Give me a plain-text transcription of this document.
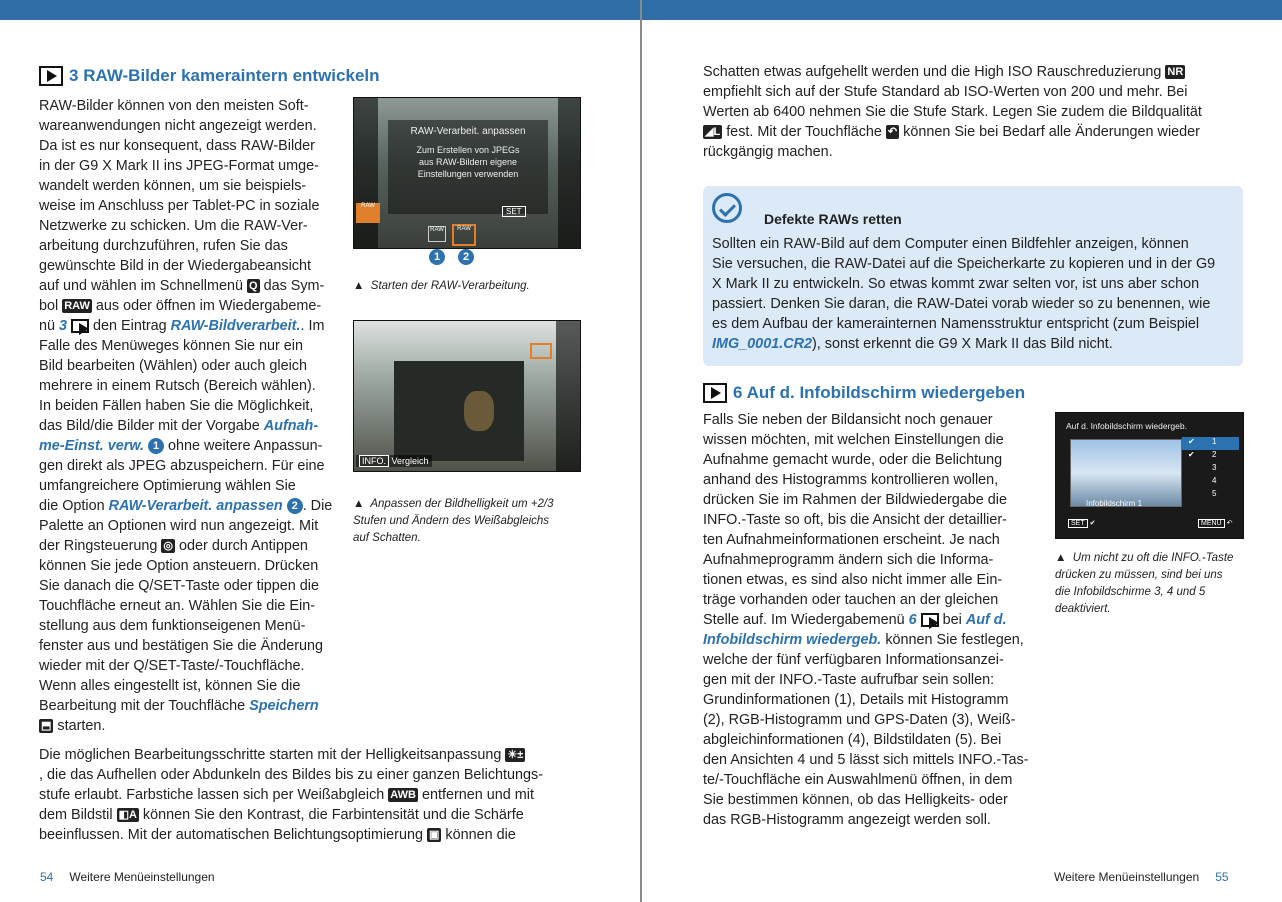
3 RAW-Bilder kameraintern entwickeln

RAW-Bilder können von den meisten Soft-

wareanwendungen nicht angezeigt werden.

Da ist es nur konsequent, dass RAW-Bilder

in der G9 X Mark II ins JPEG-Format umge-

wandelt werden können, um sie beispiels-

weise im Anschluss per Tablet-PC in soziale

Netzwerke zu schicken. Um die RAW-Ver-

arbeitung durchzuführen, rufen Sie das

gewünschte Bild in der Wiedergabeansicht

auf und wählen im Schnellmenü Q das Sym-

bol RAW aus oder öffnen im Wiedergabeme-

nü 3 den Eintrag RAW-Bildverarbeit.. Im

Falle des Menüweges können Sie nur ein

Bild bearbeiten (Wählen) oder auch gleich

mehrere in einem Rutsch (Bereich wählen).

In beiden Fällen haben Sie die Möglichkeit,

das Bild/die Bilder mit der Vorgabe Aufnah-

me-Einst. verw. 1 ohne weitere Anpassun-

gen direkt als JPEG abzuspeichern. Für eine

umfangreichere Optimierung wählen Sie

die Option RAW-Verarbeit. anpassen 2 . Die

Palette an Optionen wird nun angezeigt. Mit

der Ringsteuerung ◎ oder durch Antippen

können Sie jede Option ansteuern. Drücken

Sie danach die Q/SET-Taste oder tippen die

Touchfläche erneut an. Wählen Sie die Ein-

stellung aus dem funktionseigenen Menü-

fenster aus und bestätigen Sie die Änderung

wieder mit der Q/SET-Taste/-Touchfläche.

Wenn alles eingestellt ist, können Sie die

Bearbeitung mit der Touchfläche Speichern

⬒ starten.

RAW-Verarbeit. anpassen
Zum Erstellen von JPEGs
aus RAW-Bildern eigene
Einstellungen verwenden
SET
RAW
RAW	RAW
1	2
▲ Starten der RAW-Verarbeitung.
INFO. Vergleich
▲ Anpassen der Bildhelligkeit um +2/3
Stufen und Ändern des Weißabgleichs
auf Schatten.

Die möglichen Bearbeitungsschritte starten mit der Helligkeitsanpassung ☀±

, die das Aufhellen oder Abdunkeln des Bildes bis zu einer ganzen Belichtungs-

stufe erlaubt. Farbstiche lassen sich per Weißabgleich AWB entfernen und mit

dem Bildstil ◧A können Sie den Kontrast, die Farbintensität und die Schärfe

beeinflussen. Mit der automatischen Belichtungsoptimierung ▣ können die

54 Weitere Menüeinstellungen

Schatten etwas aufgehellt werden und die High ISO Rauschreduzierung NR

empfiehlt sich auf der Stufe Standard ab ISO-Werten von 200 und mehr. Bei

Werten ab 6400 nehmen Sie die Stufe Stark. Legen Sie zudem die Bildqualität

◢L fest. Mit der Touchfläche ↶ können Sie bei Bedarf alle Änderungen wieder

rückgängig machen.

Defekte RAWs retten

Sollten ein RAW-Bild auf dem Computer einen Bildfehler anzeigen, können

Sie versuchen, die RAW-Datei auf die Speicherkarte zu kopieren und in der G9

X Mark II zu entwickeln. So etwas kommt zwar selten vor, ist uns aber schon

passiert. Denken Sie daran, die RAW-Datei vorab wieder so zu benennen, wie

es dem Aufbau der kamerainternen Namensstruktur entspricht (zum Beispiel

IMG_0001.CR2), sonst erkennt die G9 X Mark II das Bild nicht.

6 Auf d. Infobildschirm wiedergeben

Falls Sie neben der Bildansicht noch genauer

wissen möchten, mit welchen Einstellungen die

Aufnahme gemacht wurde, oder die Belichtung

anhand des Histogramms kontrollieren wollen,

drücken Sie im Rahmen der Bildwiedergabe die

INFO.-Taste so oft, bis die Ansicht der detaillier-

ten Aufnahmeinformationen erscheint. Je nach

Aufnahmeprogramm ändern sich die Informa-

tionen etwas, es sind also nicht immer alle Ein-

träge vorhanden oder tauchen an der gleichen

Stelle auf. Im Wiedergabemenü 6 bei Auf d.

Infobildschirm wiedergeb. können Sie festlegen,

welche der fünf verfügbaren Informationsanzei-

gen mit der INFO.-Taste aufrufbar sein sollen:

Grundinformationen (1), Details mit Histogramm

(2), RGB-Histogramm und GPS-Daten (3), Weiß-

abgleichinformationen (4), Bildstildaten (5). Bei

den Ansichten 4 und 5 lässt sich mittels INFO.-Tas-

te/-Touchfläche ein Auswahlmenü öffnen, in dem

Sie bestimmen können, ob das Helligkeits- oder

das RGB-Histogramm angezeigt werden soll.

Auf d. Infobildschirm wiedergeb.
Infobildschirm 1
✔ 1
✔ 2
3
4
5
SET ✔	MENU ↶
▲ Um nicht zu oft die INFO.-Taste
drücken zu müssen, sind bei uns
die Infobildschirme 3, 4 und 5
deaktiviert.
Weitere Menüeinstellungen 55
